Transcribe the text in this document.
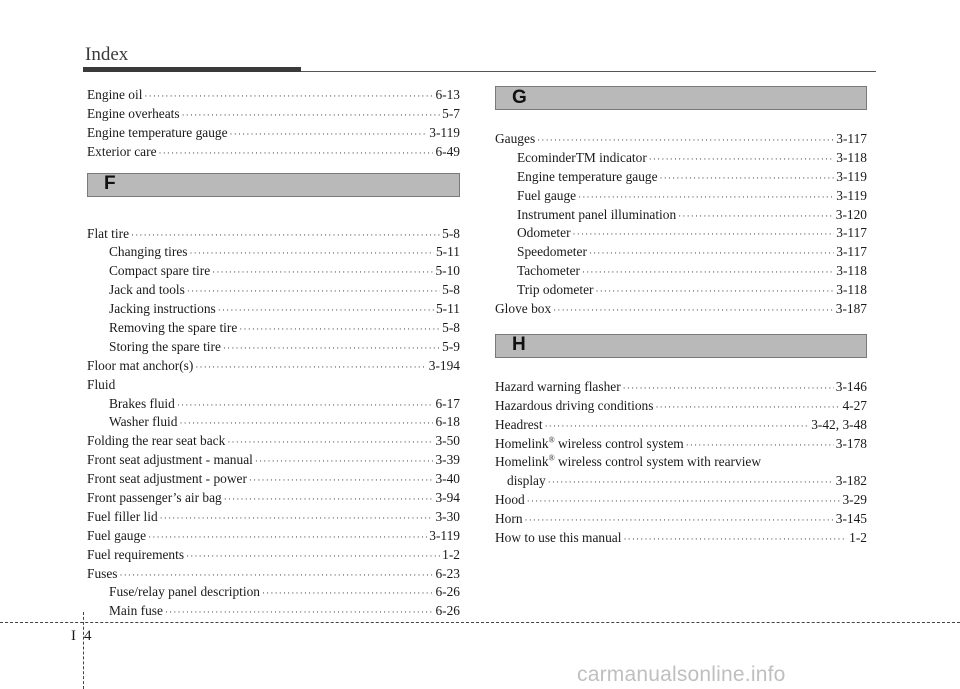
Index
Engine oil ·····	6-13
Engine overheats ·····	5-7
Engine temperature gauge ·····	3-119
Exterior care ·····	6-49
F
Flat tire ·····	5-8
Changing tires ·····	5-11
Compact spare tire ·····	5-10
Jack and tools ·····	5-8
Jacking instructions ·····	5-11
Removing the spare tire ·····	5-8
Storing the spare tire ·····	5-9
Floor mat anchor(s) ·····	3-194
Fluid
Brakes fluid ·····	6-17
Washer fluid ·····	6-18
Folding the rear seat back ·····	3-50
Front seat adjustment - manual ·····	3-39
Front seat adjustment - power ·····	3-40
Front passenger’s air bag ·····	3-94
Fuel filler lid ·····	3-30
Fuel gauge ·····	3-119
Fuel requirements ·····	1-2
Fuses ·····	6-23
Fuse/relay panel description ·····	6-26
Main fuse ·····	6-26
G
Gauges ·····	3-117
EcominderTM indicator ·····	3-118
Engine temperature gauge ·····	3-119
Fuel gauge ·····	3-119
Instrument panel illumination ·····	3-120
Odometer ·····	3-117
Speedometer ·····	3-117
Tachometer ·····	3-118
Trip odometer ·····	3-118
Glove box ·····	3-187
H
Hazard warning flasher ·····	3-146
Hazardous driving conditions ·····	4-27
Headrest ·····	3-42, 3-48
Homelink® wireless control system ·····	3-178
Homelink® wireless control system with rearview
display ·····	3-182
Hood ·····	3-29
Horn ·····	3-145
How to use this manual ·····	1-2
I 4
carmanualsonline.info
